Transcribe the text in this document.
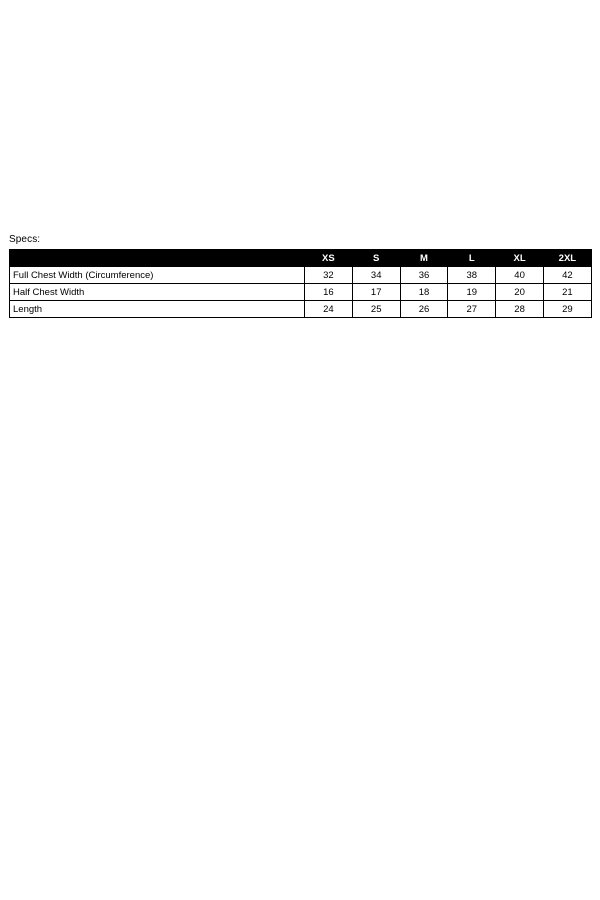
Specs:
	XS	S	M	L	XL	2XL
Full Chest Width (Circumference)	32	34	36	38	40	42
Half Chest Width	16	17	18	19	20	21
Length	24	25	26	27	28	29
